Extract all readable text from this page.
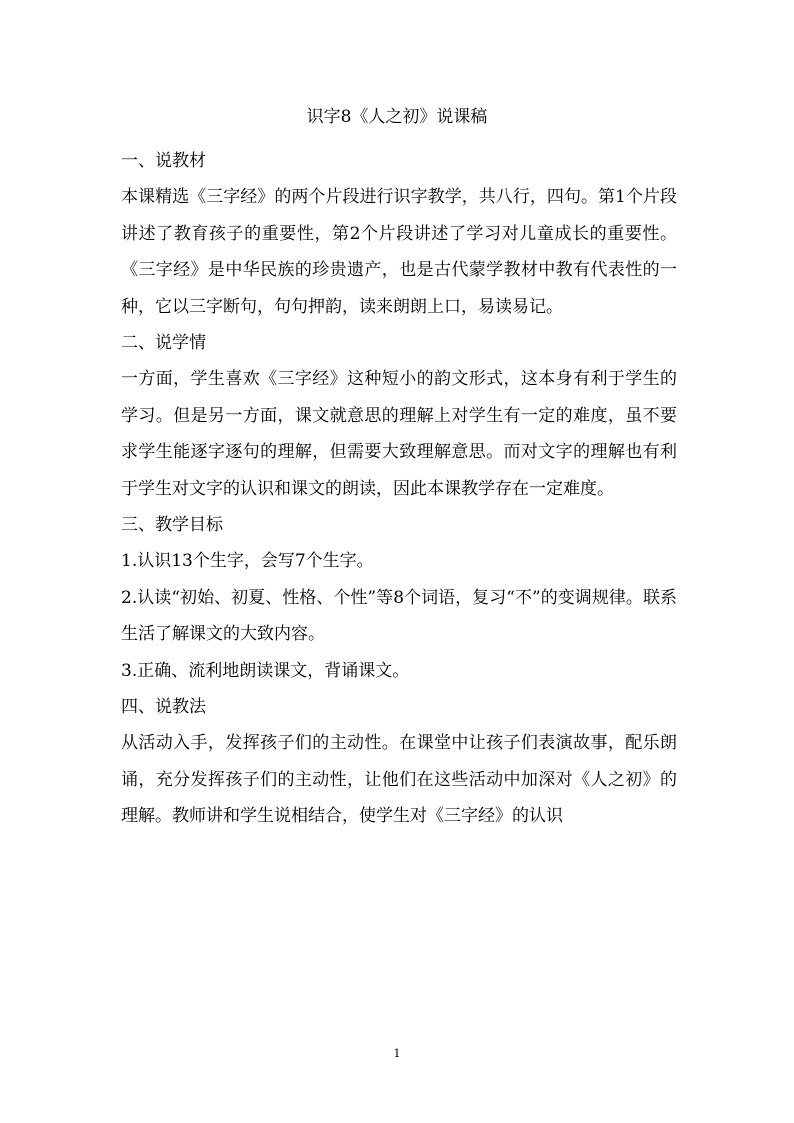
识字8《人之初》说课稿
一、说教材

本课精选《三字经》的两个片段进行识字教学，共八行，四句。第1个片段讲述了教育孩子的重要性，第2个片段讲述了学习对儿童成长的重要性。《三字经》是中华民族的珍贵遗产，也是古代蒙学教材中教有代表性的一种，它以三字断句，句句押韵，读来朗朗上口，易读易记。

二、说学情

一方面，学生喜欢《三字经》这种短小的韵文形式，这本身有利于学生的学习。但是另一方面，课文就意思的理解上对学生有一定的难度，虽不要求学生能逐字逐句的理解，但需要大致理解意思。而对文字的理解也有利于学生对文字的认识和课文的朗读，因此本课教学存在一定难度。

三、教学目标

1.认识13个生字，会写7个生字。

2.认读“初始、初夏、性格、个性”等8个词语，复习“不”的变调规律。联系生活了解课文的大致内容。

3.正确、流利地朗读课文，背诵课文。

四、说教法

从活动入手，发挥孩子们的主动性。在课堂中让孩子们表演故事，配乐朗诵，充分发挥孩子们的主动性，让他们在这些活动中加深对《人之初》的理解。教师讲和学生说相结合，使学生对《三字经》的认识

1
